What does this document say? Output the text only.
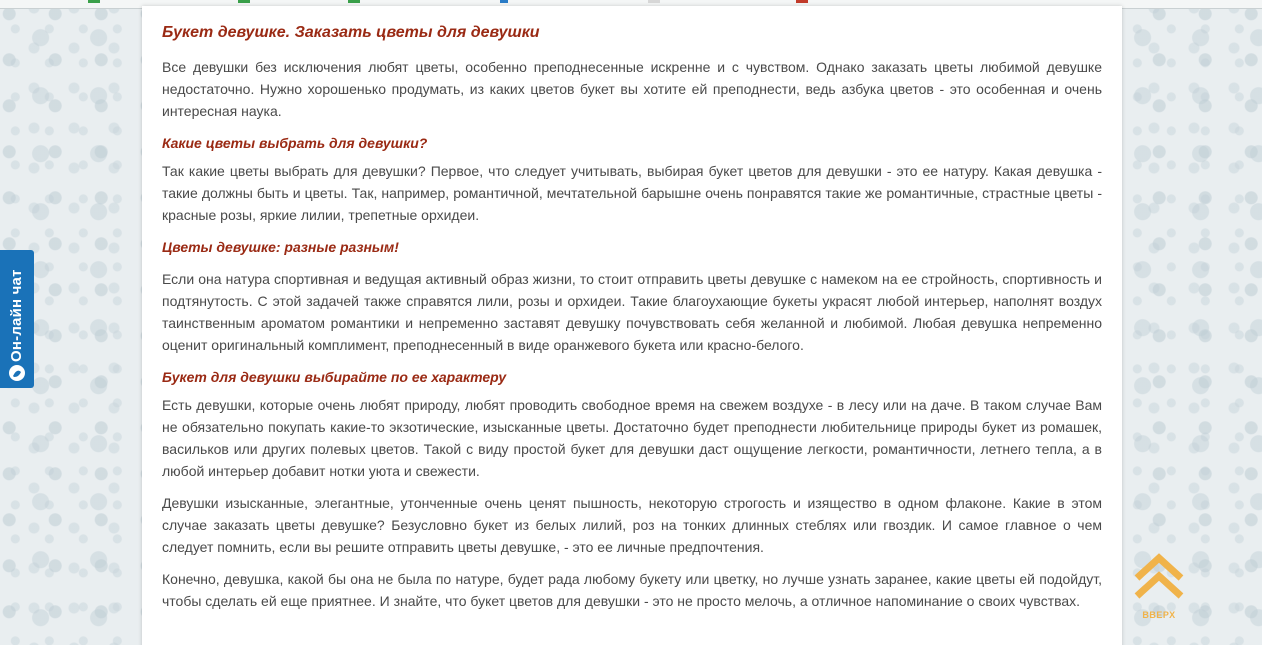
Букет девушке. Заказать цветы для девушки

Все девушки без исключения любят цветы, особенно преподнесенные искренне и с чувством. Однако заказать цветы любимой девушке недостаточно. Нужно хорошенько продумать, из каких цветов букет вы хотите ей преподнести, ведь азбука цветов - это особенная и очень интересная наука.

Какие цветы выбрать для девушки?

Так какие цветы выбрать для девушки? Первое, что следует учитывать, выбирая букет цветов для девушки - это ее натуру. Какая девушка - такие должны быть и цветы. Так, например, романтичной, мечтательной барышне очень понравятся такие же романтичные, страстные цветы - красные розы, яркие лилии, трепетные орхидеи.

Цветы девушке: разные разным!

Если она натура спортивная и ведущая активный образ жизни, то стоит отправить цветы девушке с намеком на ее стройность, спортивность и подтянутость. С этой задачей также справятся лили, розы и орхидеи. Такие благоухающие букеты украсят любой интерьер, наполнят воздух таинственным ароматом романтики и непременно заставят девушку почувствовать себя желанной и любимой. Любая девушка непременно оценит оригинальный комплимент, преподнесенный в виде оранжевого букета или красно-белого.

Букет для девушки выбирайте по ее характеру

Есть девушки, которые очень любят природу, любят проводить свободное время на свежем воздухе - в лесу или на даче. В таком случае Вам не обязательно покупать какие-то экзотические, изысканные цветы. Достаточно будет преподнести любительнице природы букет из ромашек, васильков или других полевых цветов. Такой с виду простой букет для девушки даст ощущение легкости, романтичности, летнего тепла, а в любой интерьер добавит нотки уюта и свежести.

Девушки изысканные, элегантные, утонченные очень ценят пышность, некоторую строгость и изящество в одном флаконе. Какие в этом случае заказать цветы девушке? Безусловно букет из белых лилий, роз на тонких длинных стеблях или гвоздик. И самое главное о чем следует помнить, если вы решите отправить цветы девушке, - это ее личные предпочтения.

Конечно, девушка, какой бы она не была по натуре, будет рада любому букету или цветку, но лучше узнать заранее, какие цветы ей подойдут, чтобы сделать ей еще приятнее. И знайте, что букет цветов для девушки - это не просто мелочь, а отличное напоминание о своих чувствах.

Он-лайн чат
ВВЕРХ
